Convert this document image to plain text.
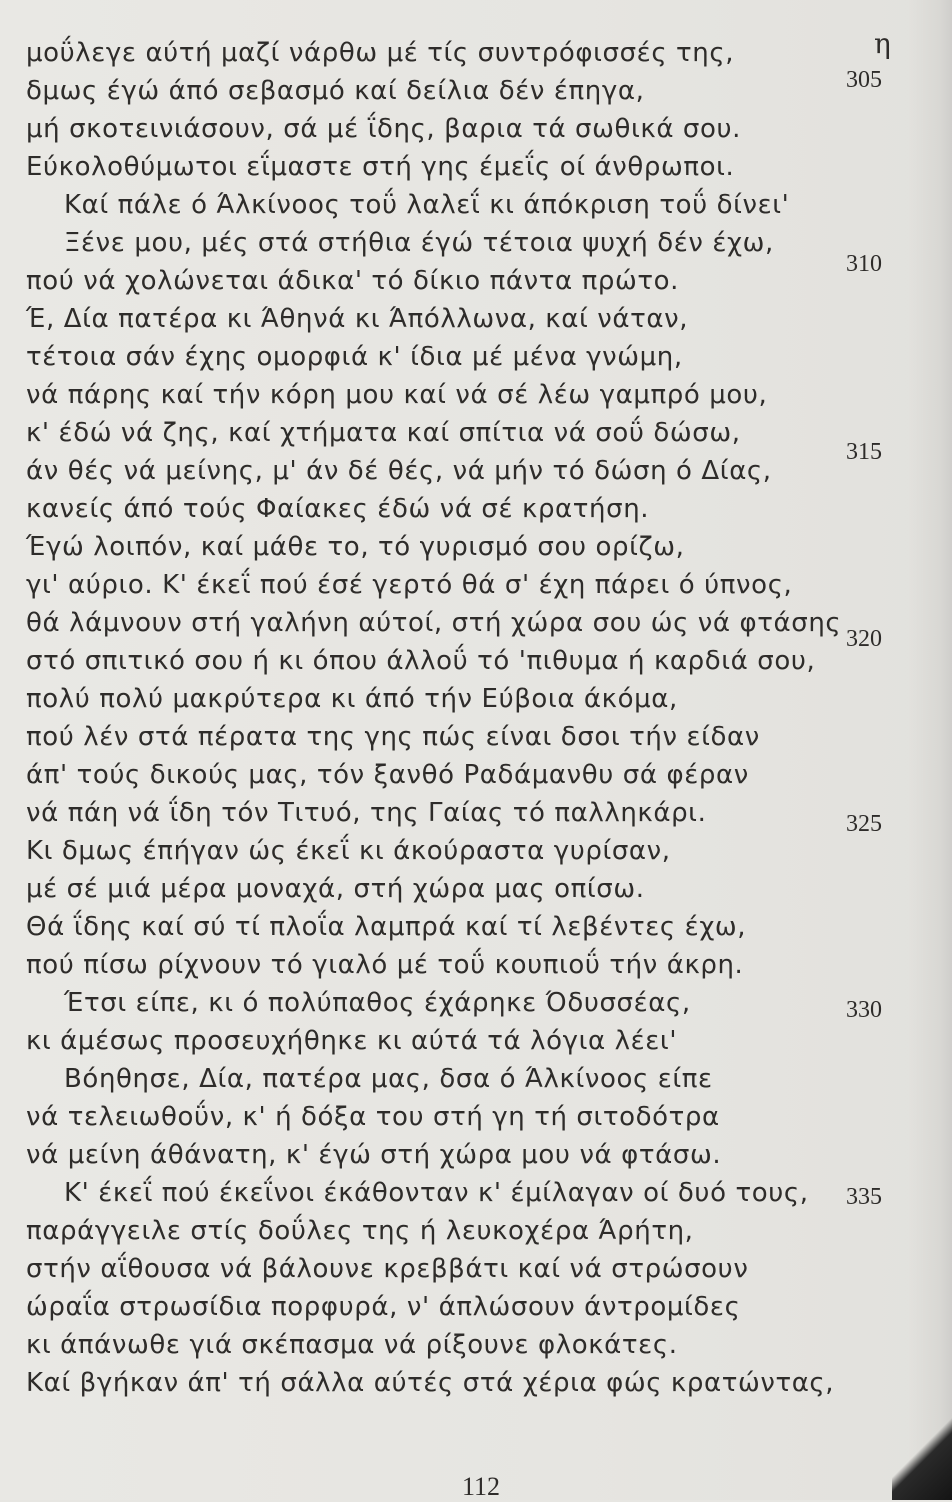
η
μοΰλεγε αύτή μαζί νάρθω μέ τίς συντρόφισσές της,
δμως έγώ άπό σεβασμό καί δείλια δέν έπηγα,
μή σκοτεινιάσουν, σά μέ ΐδης, βαρια τά σωθικά σου.
Εύκολοθύμωτοι εΐμαστε στή γης έμεΐς οί άνθρωποι.
Καί πάλε ό Άλκίνοος τοΰ λαλεΐ κι άπόκριση τοΰ δίνει'
Ξένε μου, μές στά στήθια έγώ τέτοια ψυχή δέν έχω,
πού νά χολώνεται άδικα' τό δίκιο πάντα πρώτο.
Έ, Δία πατέρα κι Άθηνά κι Άπόλλωνα, καί νάταν,
τέτοια σάν έχης ομορφιά κ' ίδια μέ μένα γνώμη,
νά πάρης καί τήν κόρη μου καί νά σέ λέω γαμπρό μου,
κ' έδώ νά ζης, καί χτήματα καί σπίτια νά σοΰ δώσω,
άν θές νά μείνης, μ' άν δέ θές, νά μήν τό δώση ό Δίας,
κανείς άπό τούς Φαίακες έδώ νά σέ κρατήση.
Έγώ λοιπόν, καί μάθε το, τό γυρισμό σου ορίζω,
γι' αύριο. Κ' έκεΐ πού έσέ γερτό θά σ' έχη πάρει ό ύπνος,
θά λάμνουν στή γαλήνη αύτοί, στή χώρα σου ώς νά φτάσης
στό σπιτικό σου ή κι όπου άλλοΰ τό 'πιθυμα ή καρδιά σου,
πολύ πολύ μακρύτερα κι άπό τήν Εύβοια άκόμα,
πού λέν στά πέρατα της γης πώς είναι δσοι τήν είδαν
άπ' τούς δικούς μας, τόν ξανθό Ραδάμανθυ σά φέραν
νά πάη νά ΐδη τόν Τιτυό, της Γαίας τό παλληκάρι.
Κι δμως έπήγαν ώς έκεΐ κι άκούραστα γυρίσαν,
μέ σέ μιά μέρα μοναχά, στή χώρα μας οπίσω.
Θά ΐδης καί σύ τί πλοΐα λαμπρά καί τί λεβέντες έχω,
πού πίσω ρίχνουν τό γιαλό μέ τοΰ κουπιοΰ τήν άκρη.
Έτσι είπε, κι ό πολύπαθος έχάρηκε Όδυσσέας,
κι άμέσως προσευχήθηκε κι αύτά τά λόγια λέει'
Βόηθησε, Δία, πατέρα μας, δσα ό Άλκίνοος είπε
νά τελειωθοΰν, κ' ή δόξα του στή γη τή σιτοδότρα
νά μείνη άθάνατη, κ' έγώ στή χώρα μου νά φτάσω.
Κ' έκεΐ πού έκεΐνοι έκάθονταν κ' έμίλαγαν οί δυό τους,
παράγγειλε στίς δοΰλες της ή λευκοχέρα Άρήτη,
στήν αΐθουσα νά βάλουνε κρεββάτι καί νά στρώσουν
ώραΐα στρωσίδια πορφυρά, ν' άπλώσουν άντρομίδες
κι άπάνωθε γιά σκέπασμα νά ρίξουνε φλοκάτες.
Καί βγήκαν άπ' τή σάλλα αύτές στά χέρια φώς κρατώντας,
305
310
315
320
325
330
335
112
